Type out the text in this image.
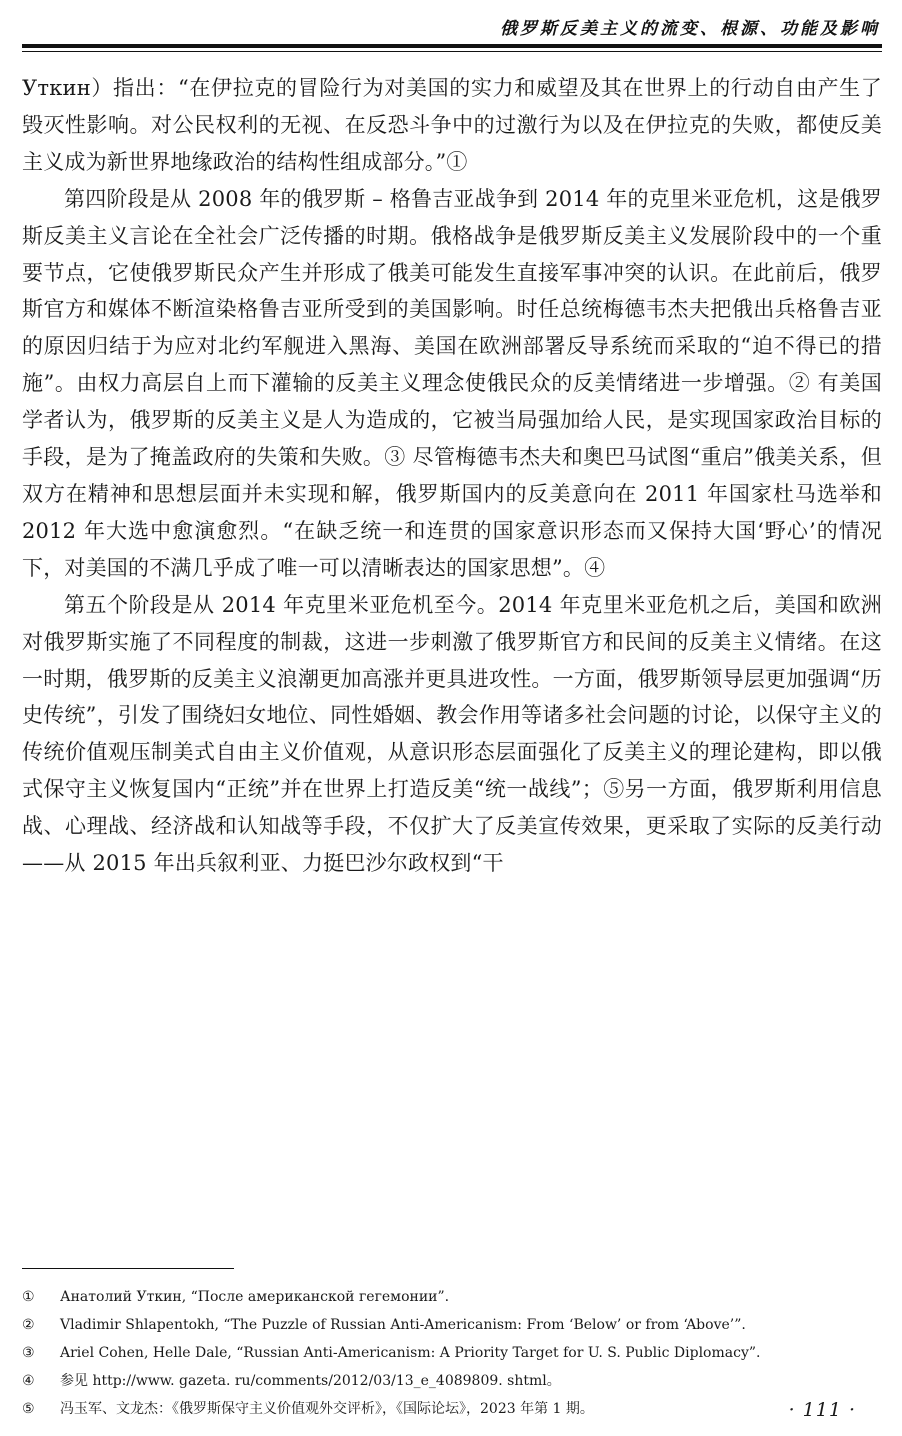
俄罗斯反美主义的流变、根源、功能及影响

Уткин）指出：“在伊拉克的冒险行为对美国的实力和威望及其在世界上的行动自由产生了毁灭性影响。对公民权利的无视、在反恐斗争中的过激行为以及在伊拉克的失败，都使反美主义成为新世界地缘政治的结构性组成部分。”①

第四阶段是从 2008 年的俄罗斯 – 格鲁吉亚战争到 2014 年的克里米亚危机，这是俄罗斯反美主义言论在全社会广泛传播的时期。俄格战争是俄罗斯反美主义发展阶段中的一个重要节点，它使俄罗斯民众产生并形成了俄美可能发生直接军事冲突的认识。在此前后，俄罗斯官方和媒体不断渲染格鲁吉亚所受到的美国影响。时任总统梅德韦杰夫把俄出兵格鲁吉亚的原因归结于为应对北约军舰进入黑海、美国在欧洲部署反导系统而采取的“迫不得已的措施”。由权力高层自上而下灌输的反美主义理念使俄民众的反美情绪进一步增强。② 有美国学者认为，俄罗斯的反美主义是人为造成的，它被当局强加给人民，是实现国家政治目标的手段，是为了掩盖政府的失策和失败。③ 尽管梅德韦杰夫和奥巴马试图“重启”俄美关系，但双方在精神和思想层面并未实现和解，俄罗斯国内的反美意向在 2011 年国家杜马选举和 2012 年大选中愈演愈烈。“在缺乏统一和连贯的国家意识形态而又保持大国‘野心’的情况下，对美国的不满几乎成了唯一可以清晰表达的国家思想”。④

第五个阶段是从 2014 年克里米亚危机至今。2014 年克里米亚危机之后，美国和欧洲对俄罗斯实施了不同程度的制裁，这进一步刺激了俄罗斯官方和民间的反美主义情绪。在这一时期，俄罗斯的反美主义浪潮更加高涨并更具进攻性。一方面，俄罗斯领导层更加强调“历史传统”，引发了围绕妇女地位、同性婚姻、教会作用等诸多社会问题的讨论，以保守主义的传统价值观压制美式自由主义价值观，从意识形态层面强化了反美主义的理论建构，即以俄式保守主义恢复国内“正统”并在世界上打造反美“统一战线”；⑤另一方面，俄罗斯利用信息战、心理战、经济战和认知战等手段，不仅扩大了反美宣传效果，更采取了实际的反美行动——从 2015 年出兵叙利亚、力挺巴沙尔政权到“干

①	Анатолий Уткин, “После американской гегемонии”.
②	Vladimir Shlapentokh, “The Puzzle of Russian Anti-Americanism: From ‘Below’ or from ‘Above’”.
③	Ariel Cohen, Helle Dale, “Russian Anti-Americanism: A Priority Target for U. S. Public Diplomacy”.
④	参见 http://www. gazeta. ru/comments/2012/03/13_e_4089809. shtml。
⑤	冯玉军、文龙杰：《俄罗斯保守主义价值观外交评析》，《国际论坛》，2023 年第 1 期。	· 111 ·
